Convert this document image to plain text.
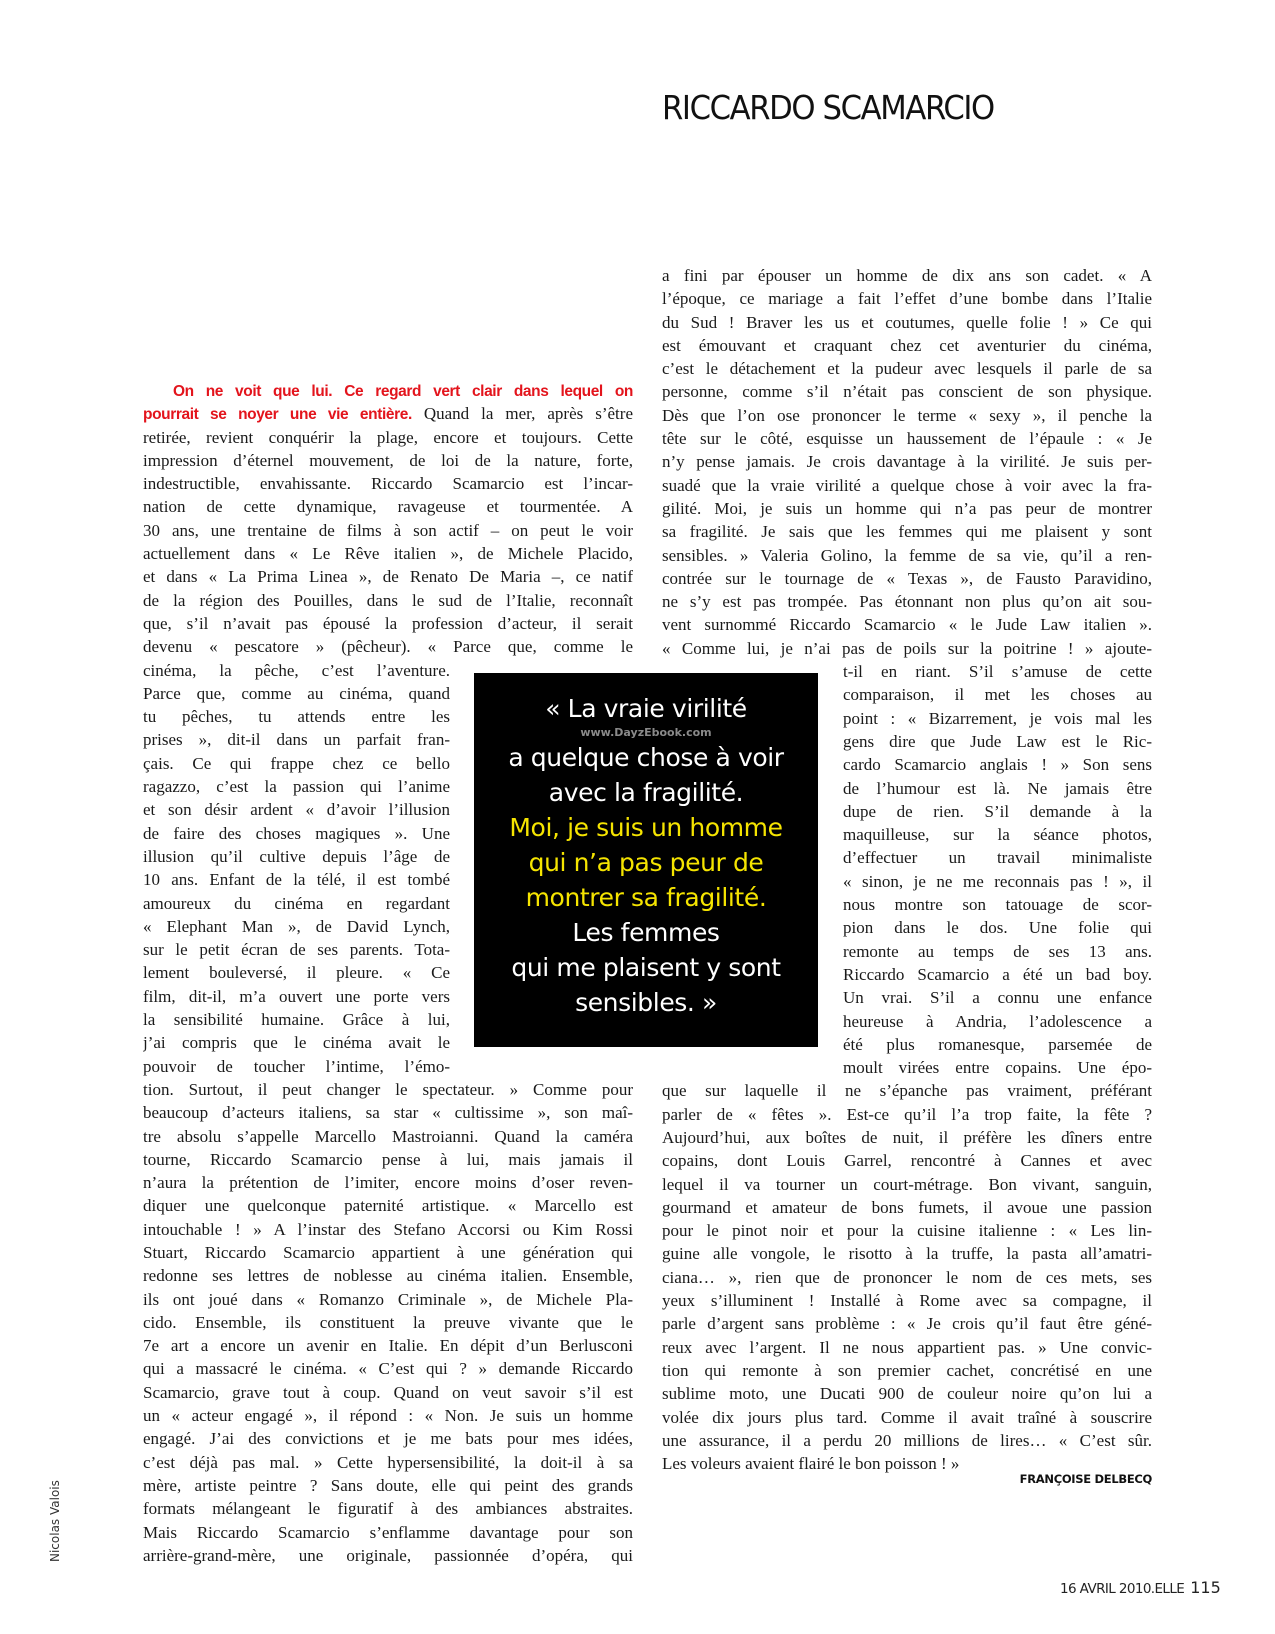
RICCARDO SCAMARCIO
On ne voit que lui. Ce regard vert clair dans lequel on
pourrait se noyer une vie entière. Quand la mer, après s’être
retirée, revient conquérir la plage, encore et toujours. Cette
impression d’éternel mouvement, de loi de la nature, forte,
indestructible, envahissante. Riccardo Scamarcio est l’incar-
nation de cette dynamique, ravageuse et tourmentée. A
30 ans, une trentaine de films à son actif – on peut le voir
actuellement dans « Le Rêve italien », de Michele Placido,
et dans « La Prima Linea », de Renato De Maria –, ce natif
de la région des Pouilles, dans le sud de l’Italie, reconnaît
que, s’il n’avait pas épousé la profession d’acteur, il serait
devenu « pescatore » (pêcheur). « Parce que, comme le
cinéma, la pêche, c’est l’aventure.
Parce que, comme au cinéma, quand
tu pêches, tu attends entre les
prises », dit-il dans un parfait fran-
çais. Ce qui frappe chez ce bello
ragazzo, c’est la passion qui l’anime
et son désir ardent « d’avoir l’illusion
de faire des choses magiques ». Une
illusion qu’il cultive depuis l’âge de
10 ans. Enfant de la télé, il est tombé
amoureux du cinéma en regardant
« Elephant Man », de David Lynch,
sur le petit écran de ses parents. Tota-
lement bouleversé, il pleure. « Ce
film, dit-il, m’a ouvert une porte vers
la sensibilité humaine. Grâce à lui,
j’ai compris que le cinéma avait le
pouvoir de toucher l’intime, l’émo-
tion. Surtout, il peut changer le spectateur. » Comme pour
beaucoup d’acteurs italiens, sa star « cultissime », son maî-
tre absolu s’appelle Marcello Mastroianni. Quand la caméra
tourne, Riccardo Scamarcio pense à lui, mais jamais il
n’aura la prétention de l’imiter, encore moins d’oser reven-
diquer une quelconque paternité artistique. « Marcello est
intouchable ! » A l’instar des Stefano Accorsi ou Kim Rossi
Stuart, Riccardo Scamarcio appartient à une génération qui
redonne ses lettres de noblesse au cinéma italien. Ensemble,
ils ont joué dans « Romanzo Criminale », de Michele Pla-
cido. Ensemble, ils constituent la preuve vivante que le
7e art a encore un avenir en Italie. En dépit d’un Berlusconi
qui a massacré le cinéma. « C’est qui ? » demande Riccardo
Scamarcio, grave tout à coup. Quand on veut savoir s’il est
un « acteur engagé », il répond : « Non. Je suis un homme
engagé. J’ai des convictions et je me bats pour mes idées,
c’est déjà pas mal. » Cette hypersensibilité, la doit-il à sa
mère, artiste peintre ? Sans doute, elle qui peint des grands
formats mélangeant le figuratif à des ambiances abstraites.
Mais Riccardo Scamarcio s’enflamme davantage pour son
arrière-grand-mère, une originale, passionnée d’opéra, qui
a fini par épouser un homme de dix ans son cadet. « A
l’époque, ce mariage a fait l’effet d’une bombe dans l’Italie
du Sud ! Braver les us et coutumes, quelle folie ! » Ce qui
est émouvant et craquant chez cet aventurier du cinéma,
c’est le détachement et la pudeur avec lesquels il parle de sa
personne, comme s’il n’était pas conscient de son physique.
Dès que l’on ose prononcer le terme « sexy », il penche la
tête sur le côté, esquisse un haussement de l’épaule : « Je
n’y pense jamais. Je crois davantage à la virilité. Je suis per-
suadé que la vraie virilité a quelque chose à voir avec la fra-
gilité. Moi, je suis un homme qui n’a pas peur de montrer
sa fragilité. Je sais que les femmes qui me plaisent y sont
sensibles. » Valeria Golino, la femme de sa vie, qu’il a ren-
contrée sur le tournage de « Texas », de Fausto Paravidino,
ne s’y est pas trompée. Pas étonnant non plus qu’on ait sou-
vent surnommé Riccardo Scamarcio « le Jude Law italien ».
« Comme lui, je n’ai pas de poils sur la poitrine ! » ajoute-
t-il en riant. S’il s’amuse de cette
comparaison, il met les choses au
point : « Bizarrement, je vois mal les
gens dire que Jude Law est le Ric-
cardo Scamarcio anglais ! » Son sens
de l’humour est là. Ne jamais être
dupe de rien. S’il demande à la
maquilleuse, sur la séance photos,
d’effectuer un travail minimaliste
« sinon, je ne me reconnais pas ! », il
nous montre son tatouage de scor-
pion dans le dos. Une folie qui
remonte au temps de ses 13 ans.
Riccardo Scamarcio a été un bad boy.
Un vrai. S’il a connu une enfance
heureuse à Andria, l’adolescence a
été plus romanesque, parsemée de
moult virées entre copains. Une épo-
que sur laquelle il ne s’épanche pas vraiment, préférant
parler de « fêtes ». Est-ce qu’il l’a trop faite, la fête ?
Aujourd’hui, aux boîtes de nuit, il préfère les dîners entre
copains, dont Louis Garrel, rencontré à Cannes et avec
lequel il va tourner un court-métrage. Bon vivant, sanguin,
gourmand et amateur de bons fumets, il avoue une passion
pour le pinot noir et pour la cuisine italienne : « Les lin-
guine alle vongole, le risotto à la truffe, la pasta all’amatri-
ciana… », rien que de prononcer le nom de ces mets, ses
yeux s’illuminent ! Installé à Rome avec sa compagne, il
parle d’argent sans problème : « Je crois qu’il faut être géné-
reux avec l’argent. Il ne nous appartient pas. » Une convic-
tion qui remonte à son premier cachet, concrétisé en une
sublime moto, une Ducati 900 de couleur noire qu’on lui a
volée dix jours plus tard. Comme il avait traîné à souscrire
une assurance, il a perdu 20 millions de lires… « C’est sûr.
Les voleurs avaient flairé le bon poisson ! »
FRANÇOISE DELBECQ
« La vraie virilité
www.DayzEbook.com
a quelque chose à voir
avec la fragilité.
Moi, je suis un homme
qui n’a pas peur de
montrer sa fragilité.
Les femmes
qui me plaisent y sont
sensibles. »
Nicolas Valois
16 AVRIL 2010.ELLE 115
